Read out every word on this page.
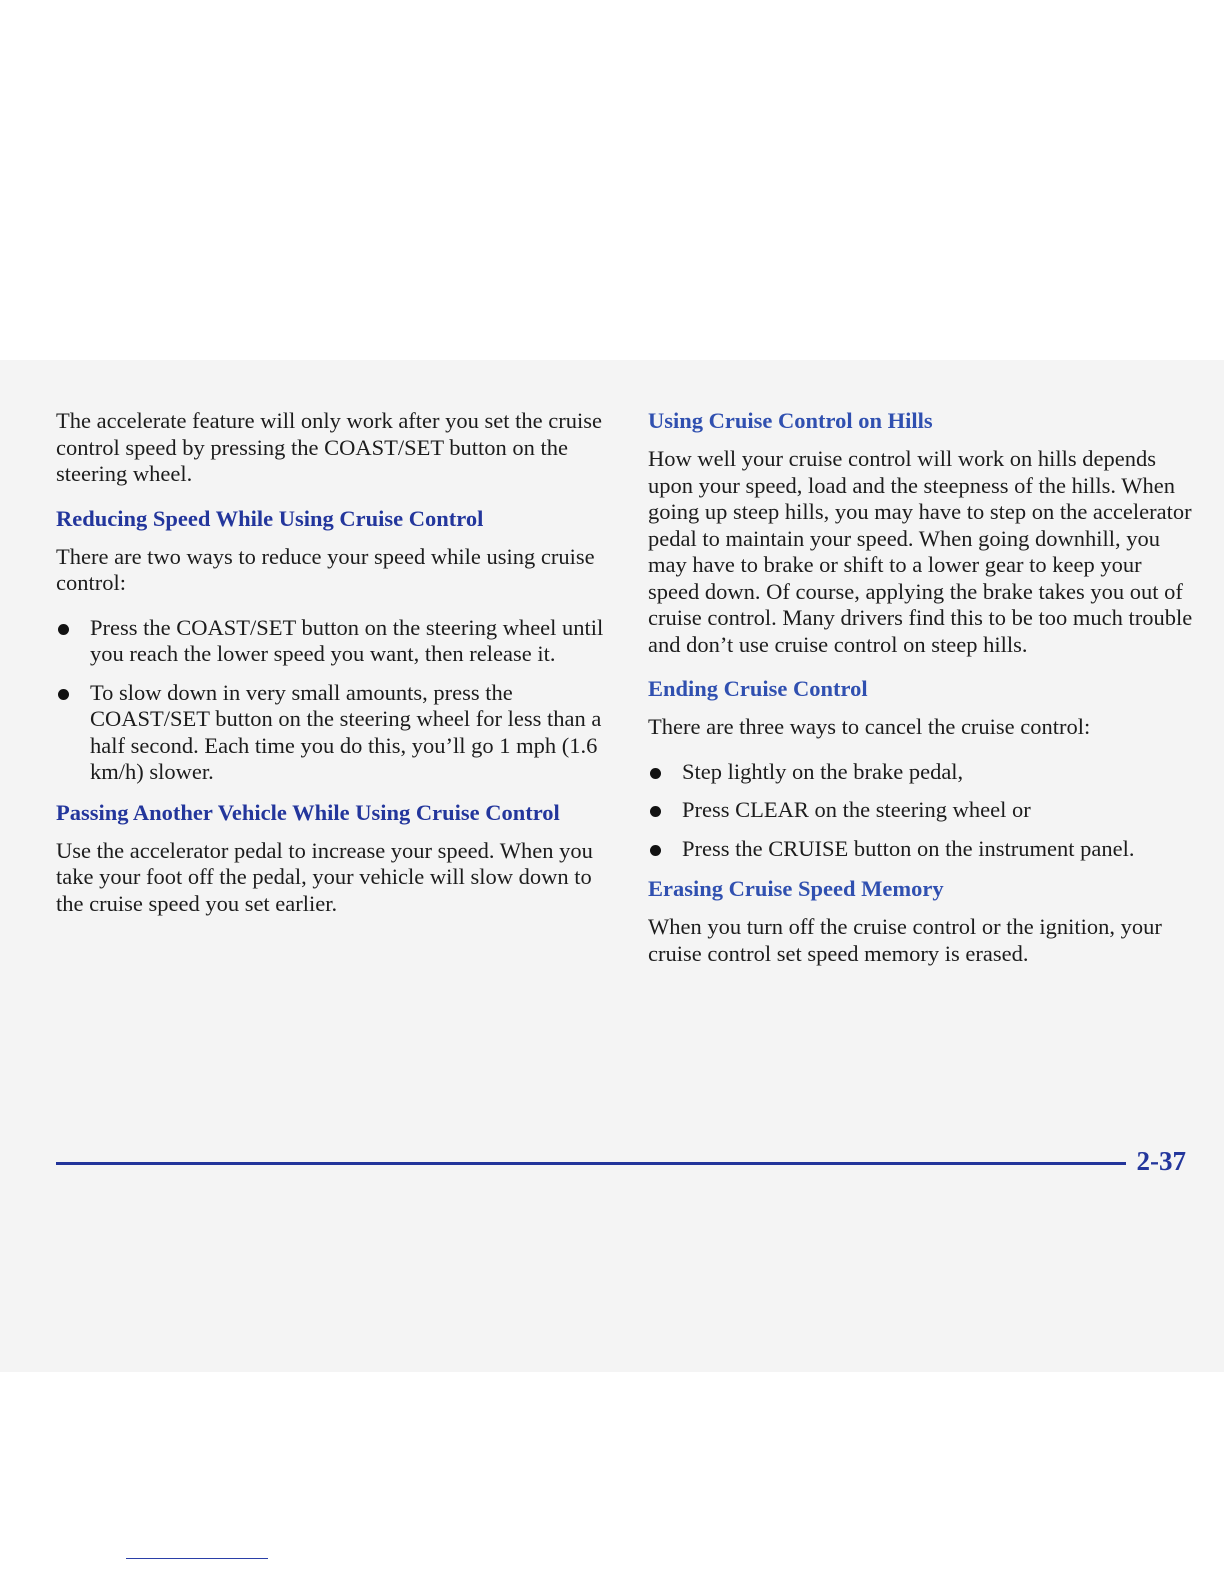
The accelerate feature will only work after you set the cruise control speed by pressing the COAST/SET button on the steering wheel.

Reducing Speed While Using Cruise Control

There are two ways to reduce your speed while using cruise control:

Press the COAST/SET button on the steering wheel until you reach the lower speed you want, then release it.
To slow down in very small amounts, press the COAST/SET button on the steering wheel for less than a half second. Each time you do this, you’ll go 1 mph (1.6 km/h) slower.
Passing Another Vehicle While Using Cruise Control

Use the accelerator pedal to increase your speed. When you take your foot off the pedal, your vehicle will slow down to the cruise speed you set earlier.

Using Cruise Control on Hills

How well your cruise control will work on hills depends upon your speed, load and the steepness of the hills. When going up steep hills, you may have to step on the accelerator pedal to maintain your speed. When going downhill, you may have to brake or shift to a lower gear to keep your speed down. Of course, applying the brake takes you out of cruise control. Many drivers find this to be too much trouble and don’t use cruise control on steep hills.

Ending Cruise Control

There are three ways to cancel the cruise control:

Step lightly on the brake pedal,
Press CLEAR on the steering wheel or
Press the CRUISE button on the instrument panel.
Erasing Cruise Speed Memory

When you turn off the cruise control or the ignition, your cruise control set speed memory is erased.

2-37
